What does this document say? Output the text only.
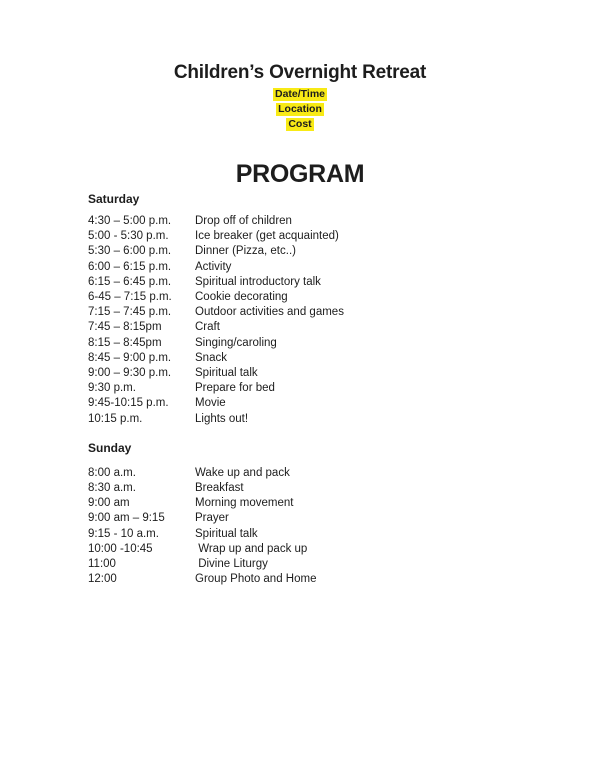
Children’s Overnight Retreat
Date/Time
Location
Cost
PROGRAM
Saturday
4:30 – 5:00 p.m. Drop off of children
5:00 - 5:30 p.m. Ice breaker (get acquainted)
5:30 – 6:00 p.m. Dinner (Pizza, etc..)
6:00 – 6:15 p.m. Activity
6:15 – 6:45 p.m. Spiritual introductory talk
6-45 – 7:15 p.m. Cookie decorating
7:15 – 7:45 p.m. Outdoor activities and games
7:45 – 8:15pm	Craft
8:15 – 8:45pm	Singing/caroling
8:45 – 9:00 p.m. Snack
9:00 – 9:30 p.m. Spiritual talk
9:30 p.m.	Prepare for bed
9:45-10:15 p.m. Movie
10:15 p.m.	Lights out!
Sunday
8:00 a.m.	Wake up and pack
8:30 a.m.	Breakfast
9:00 am	Morning movement
9:00 am – 9:15	Prayer
9:15 - 10 a.m.	Spiritual talk
10:00 -10:45	Wrap up and pack up
11:00	Divine Liturgy
12:00	Group Photo and Home
